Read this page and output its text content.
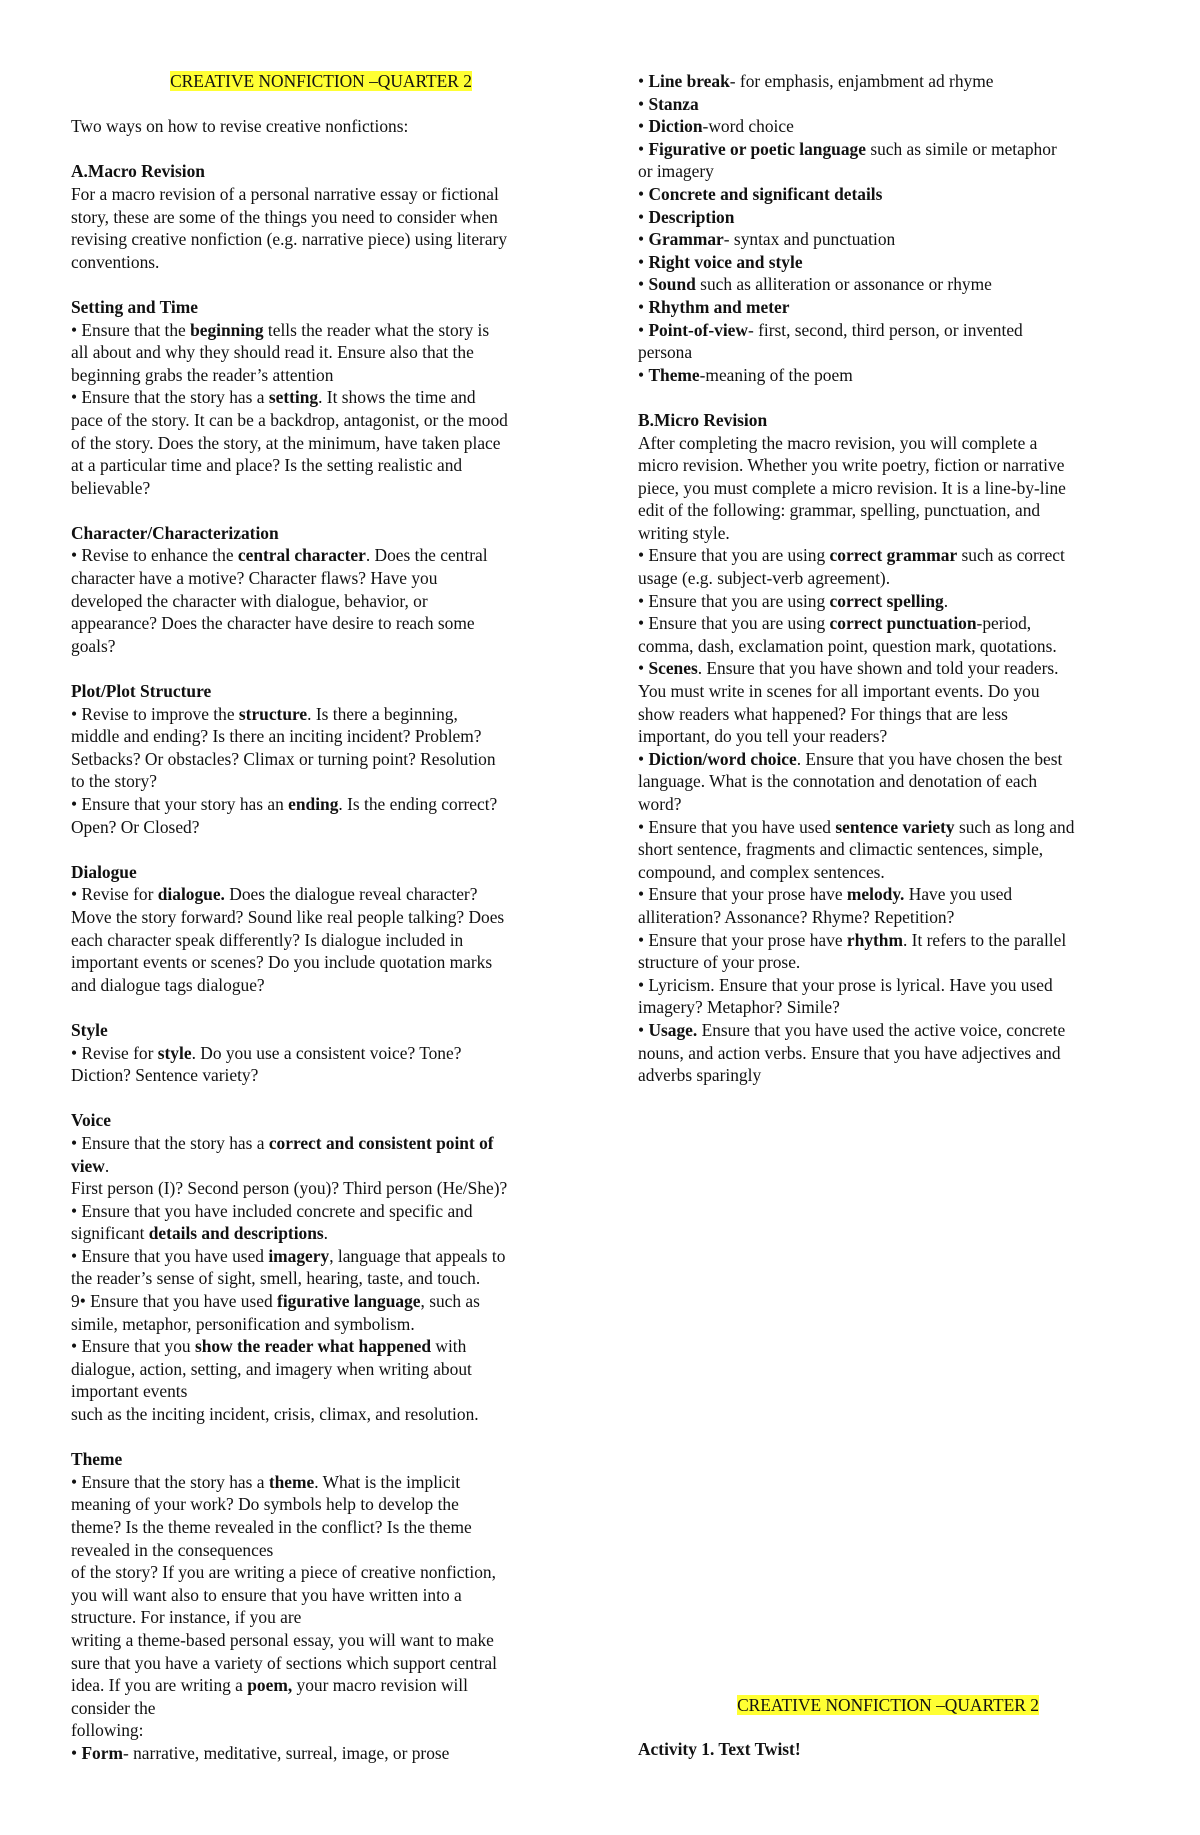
CREATIVE NONFICTION –QUARTER 2

Two ways on how to revise creative nonfictions:

A.Macro Revision

For a macro revision of a personal narrative essay or fictional

story, these are some of the things you need to consider when

revising creative nonfiction (e.g. narrative piece) using literary

conventions.

Setting and Time

• Ensure that the beginning tells the reader what the story is

all about and why they should read it. Ensure also that the

beginning grabs the reader’s attention

• Ensure that the story has a setting. It shows the time and

pace of the story. It can be a backdrop, antagonist, or the mood

of the story. Does the story, at the minimum, have taken place

at a particular time and place? Is the setting realistic and

believable?

Character/Characterization

• Revise to enhance the central character. Does the central

character have a motive? Character flaws? Have you

developed the character with dialogue, behavior, or

appearance? Does the character have desire to reach some

goals?

Plot/Plot Structure

• Revise to improve the structure. Is there a beginning,

middle and ending? Is there an inciting incident? Problem?

Setbacks? Or obstacles? Climax or turning point? Resolution

to the story?

• Ensure that your story has an ending. Is the ending correct?

Open? Or Closed?

Dialogue

• Revise for dialogue. Does the dialogue reveal character?

Move the story forward? Sound like real people talking? Does

each character speak differently? Is dialogue included in

important events or scenes? Do you include quotation marks

and dialogue tags dialogue?

Style

• Revise for style. Do you use a consistent voice? Tone?

Diction? Sentence variety?

Voice

• Ensure that the story has a correct and consistent point of

view.

First person (I)? Second person (you)? Third person (He/She)?

• Ensure that you have included concrete and specific and

significant details and descriptions.

• Ensure that you have used imagery, language that appeals to

the reader’s sense of sight, smell, hearing, taste, and touch.

9• Ensure that you have used figurative language, such as

simile, metaphor, personification and symbolism.

• Ensure that you show the reader what happened with

dialogue, action, setting, and imagery when writing about

important events

such as the inciting incident, crisis, climax, and resolution.

Theme

• Ensure that the story has a theme. What is the implicit

meaning of your work? Do symbols help to develop the

theme? Is the theme revealed in the conflict? Is the theme

revealed in the consequences

of the story? If you are writing a piece of creative nonfiction,

you will want also to ensure that you have written into a

structure. For instance, if you are

writing a theme-based personal essay, you will want to make

sure that you have a variety of sections which support central

idea. If you are writing a poem, your macro revision will

consider the

following:

• Form- narrative, meditative, surreal, image, or prose

• Line break- for emphasis, enjambment ad rhyme

• Stanza

• Diction-word choice

• Figurative or poetic language such as simile or metaphor

or imagery

• Concrete and significant details

• Description

• Grammar- syntax and punctuation

• Right voice and style

• Sound such as alliteration or assonance or rhyme

• Rhythm and meter

• Point-of-view- first, second, third person, or invented

persona

• Theme-meaning of the poem

B.Micro Revision

After completing the macro revision, you will complete a

micro revision. Whether you write poetry, fiction or narrative

piece, you must complete a micro revision. It is a line-by-line

edit of the following: grammar, spelling, punctuation, and

writing style.

• Ensure that you are using correct grammar such as correct

usage (e.g. subject-verb agreement).

• Ensure that you are using correct spelling.

• Ensure that you are using correct punctuation-period,

comma, dash, exclamation point, question mark, quotations.

• Scenes. Ensure that you have shown and told your readers.

You must write in scenes for all important events. Do you

show readers what happened? For things that are less

important, do you tell your readers?

• Diction/word choice. Ensure that you have chosen the best

language. What is the connotation and denotation of each

word?

• Ensure that you have used sentence variety such as long and

short sentence, fragments and climactic sentences, simple,

compound, and complex sentences.

• Ensure that your prose have melody. Have you used

alliteration? Assonance? Rhyme? Repetition?

• Ensure that your prose have rhythm. It refers to the parallel

structure of your prose.

• Lyricism. Ensure that your prose is lyrical. Have you used

imagery? Metaphor? Simile?

• Usage. Ensure that you have used the active voice, concrete

nouns, and action verbs. Ensure that you have adjectives and

adverbs sparingly

CREATIVE NONFICTION –QUARTER 2

Activity 1. Text Twist!
